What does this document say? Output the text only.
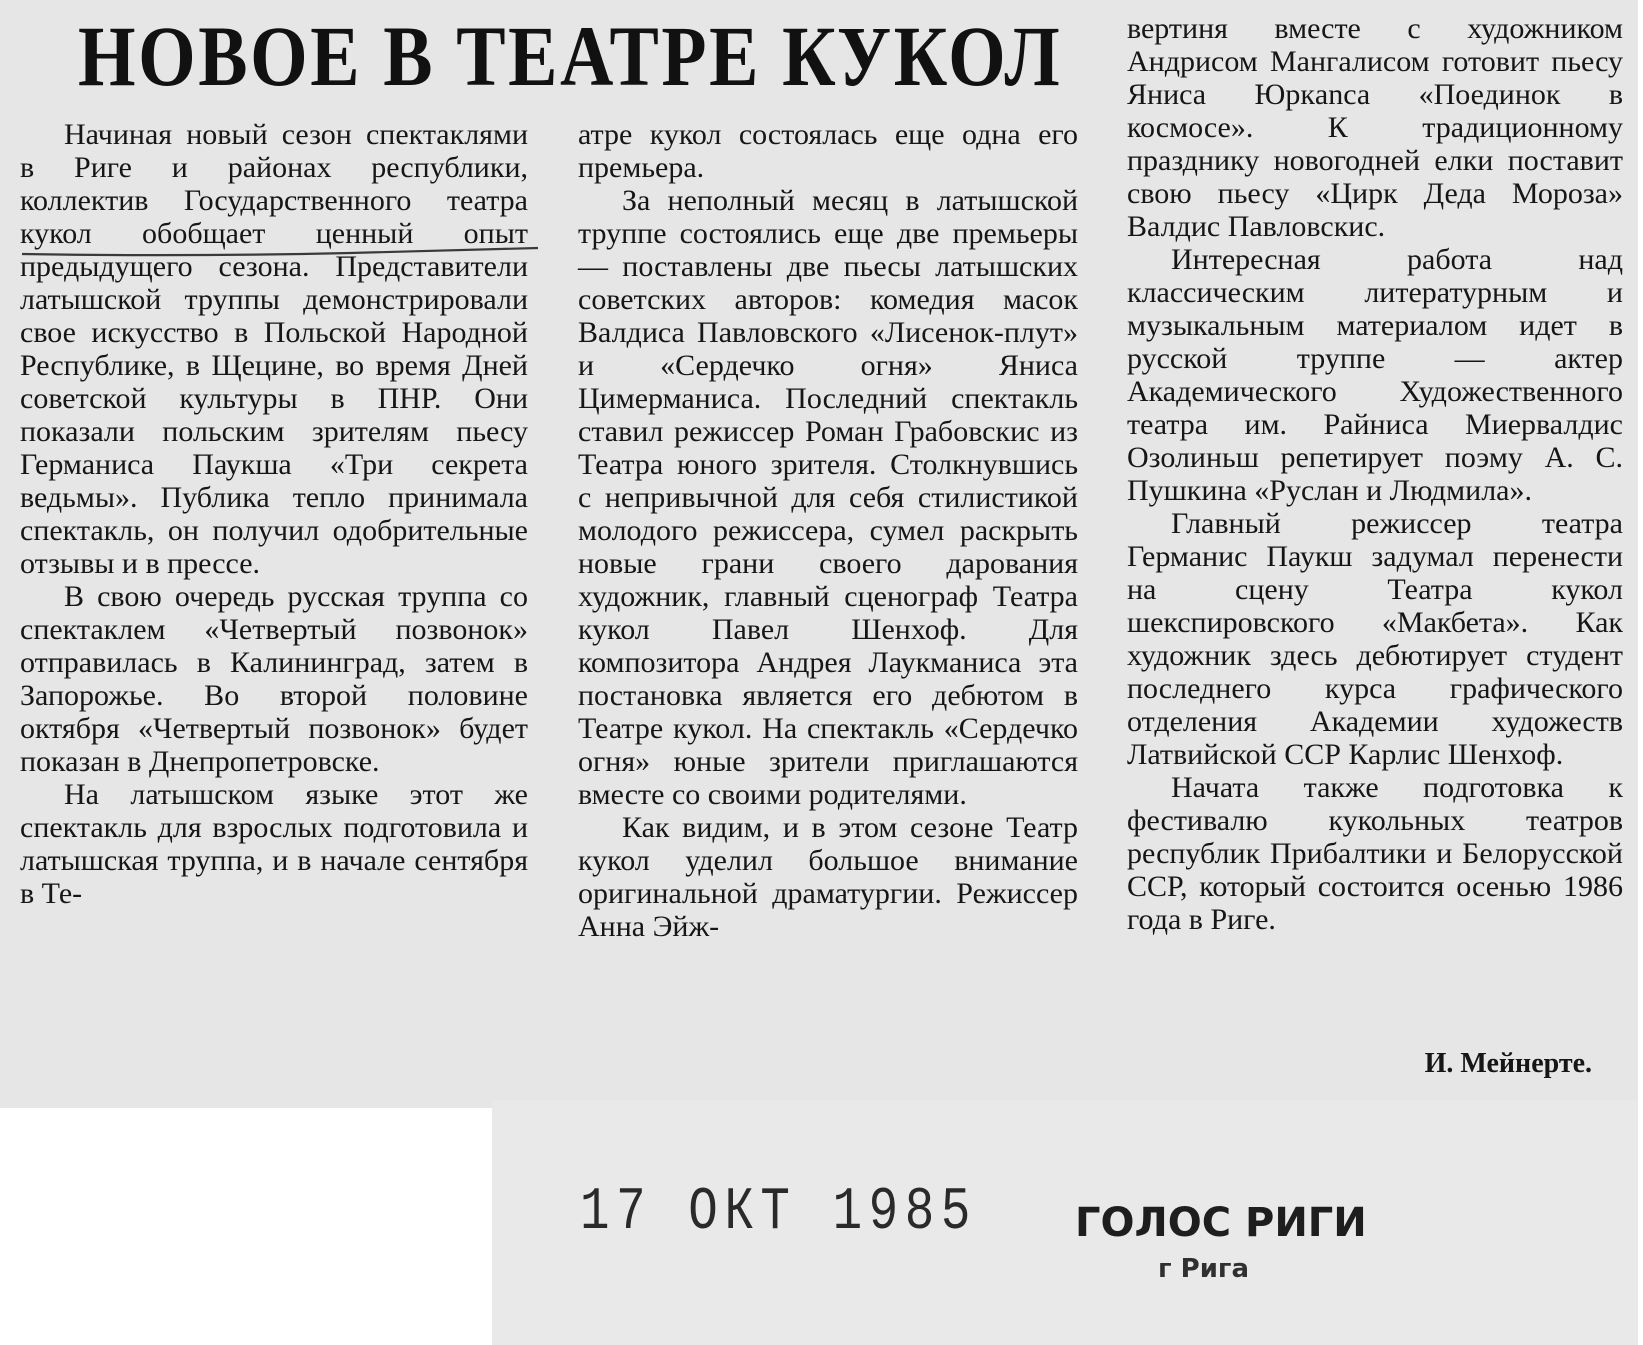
НОВОЕ В ТЕАТРЕ КУКОЛ

Начиная новый сезон спектаклями в Риге и районах республики, коллектив Государственного театра кукол обобщает ценный опыт предыдущего сезона. Представители латышской труппы демонстрировали свое искусство в Польской Народной Республике, в Щецине, во время Дней советской культуры в ПНР. Они показали польским зрителям пьесу Германиса Паукша «Три секрета ведьмы». Публика тепло принимала спектакль, он получил одобрительные отзывы и в прессе.

В свою очередь русская труппа со спектаклем «Четвертый позвонок» отправилась в Калининград, затем в Запорожье. Во второй половине октября «Четвертый позвонок» будет показан в Днепропетровске.

На латышском языке этот же спектакль для взрослых подготовила и латышская труппа, и в начале сентября в Те-

атре кукол состоялась еще одна его премьера.

За неполный месяц в латышской труппе состоялись еще две премьеры — поставлены две пьесы латышских советских авторов: комедия масок Валдиса Павловского «Лисенок-плут» и «Сердечко огня» Яниса Цимерманиса. Последний спектакль ставил режиссер Роман Грабовскис из Театра юного зрителя. Столкнувшись с непривычной для себя стилистикой молодого режиссера, сумел раскрыть новые грани своего дарования художник, главный сценограф Театра кукол Павел Шенхоф. Для композитора Андрея Лаукманиса эта постановка является его дебютом в Театре кукол. На спектакль «Сердечко огня» юные зрители приглашаются вместе со своими родителями.

Как видим, и в этом сезоне Театр кукол уделил большое внимание оригинальной драматургии. Режиссер Анна Эйж-

вертиня вместе с художником Андрисом Мангалисом готовит пьесу Яниса Юркanса «Поединок в космосе». К традиционному празднику новогодней елки поставит свою пьесу «Цирк Деда Мороза» Валдис Павловскис.

Интересная работа над классическим литературным и музыкальным материалом идет в русской труппе — актер Академического Художественного театра им. Райниса Миервалдис Озолиньш репетирует поэму А. С. Пушкина «Руслан и Людмила».

Главный режиссер театра Германис Паукш задумал перенести на сцену Театра кукол шекспировского «Макбета». Как художник здесь дебютирует студент последнего курса графического отделения Академии художеств Латвийской ССР Карлис Шенхоф.

Начата также подготовка к фестивалю кукольных театров республик Прибалтики и Белорусской ССР, который состоится осенью 1986 года в Риге.

И. Мейнерте.
17 ОКТ 1985 ГОЛОС РИГИ
г Рига
